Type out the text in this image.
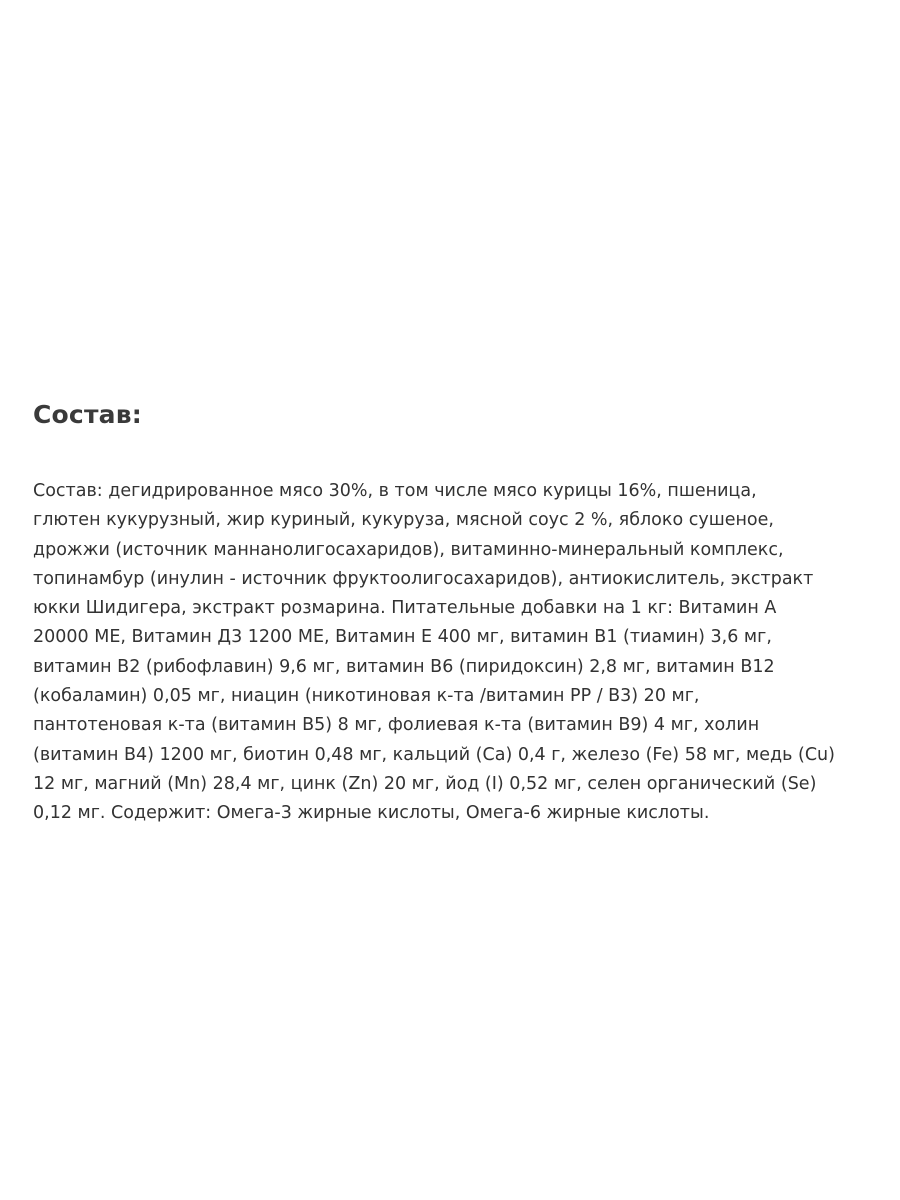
Состав:
Состав: дегидрированное мясо 30%, в том числе мясо курицы 16%, пшеница,
глютен кукурузный, жир куриный, кукуруза, мясной соус 2 %, яблоко сушеное,
дрожжи (источник маннанолигосахаридов), витаминно-минеральный комплекс,
топинамбур (инулин - источник фруктоолигосахаридов), антиокислитель, экстракт
юкки Шидигера, экстракт розмарина. Питательные добавки на 1 кг: Витамин А
20000 МЕ, Витамин Д3 1200 МЕ, Витамин Е 400 мг, витамин В1 (тиамин) 3,6 мг,
витамин В2 (рибофлавин) 9,6 мг, витамин В6 (пиридоксин) 2,8 мг, витамин В12
(кобаламин) 0,05 мг, ниацин (никотиновая к-та /витамин РР / В3) 20 мг,
пантотеновая к-та (витамин В5) 8 мг, фолиевая к-та (витамин В9) 4 мг, холин
(витамин В4) 1200 мг, биотин 0,48 мг, кальций (Са) 0,4 г, железо (Fe) 58 мг, медь (Cu)
12 мг, магний (Mn) 28,4 мг, цинк (Zn) 20 мг, йод (I) 0,52 мг, селен органический (Se)
0,12 мг. Содержит: Омега-3 жирные кислоты, Омега-6 жирные кислоты.
